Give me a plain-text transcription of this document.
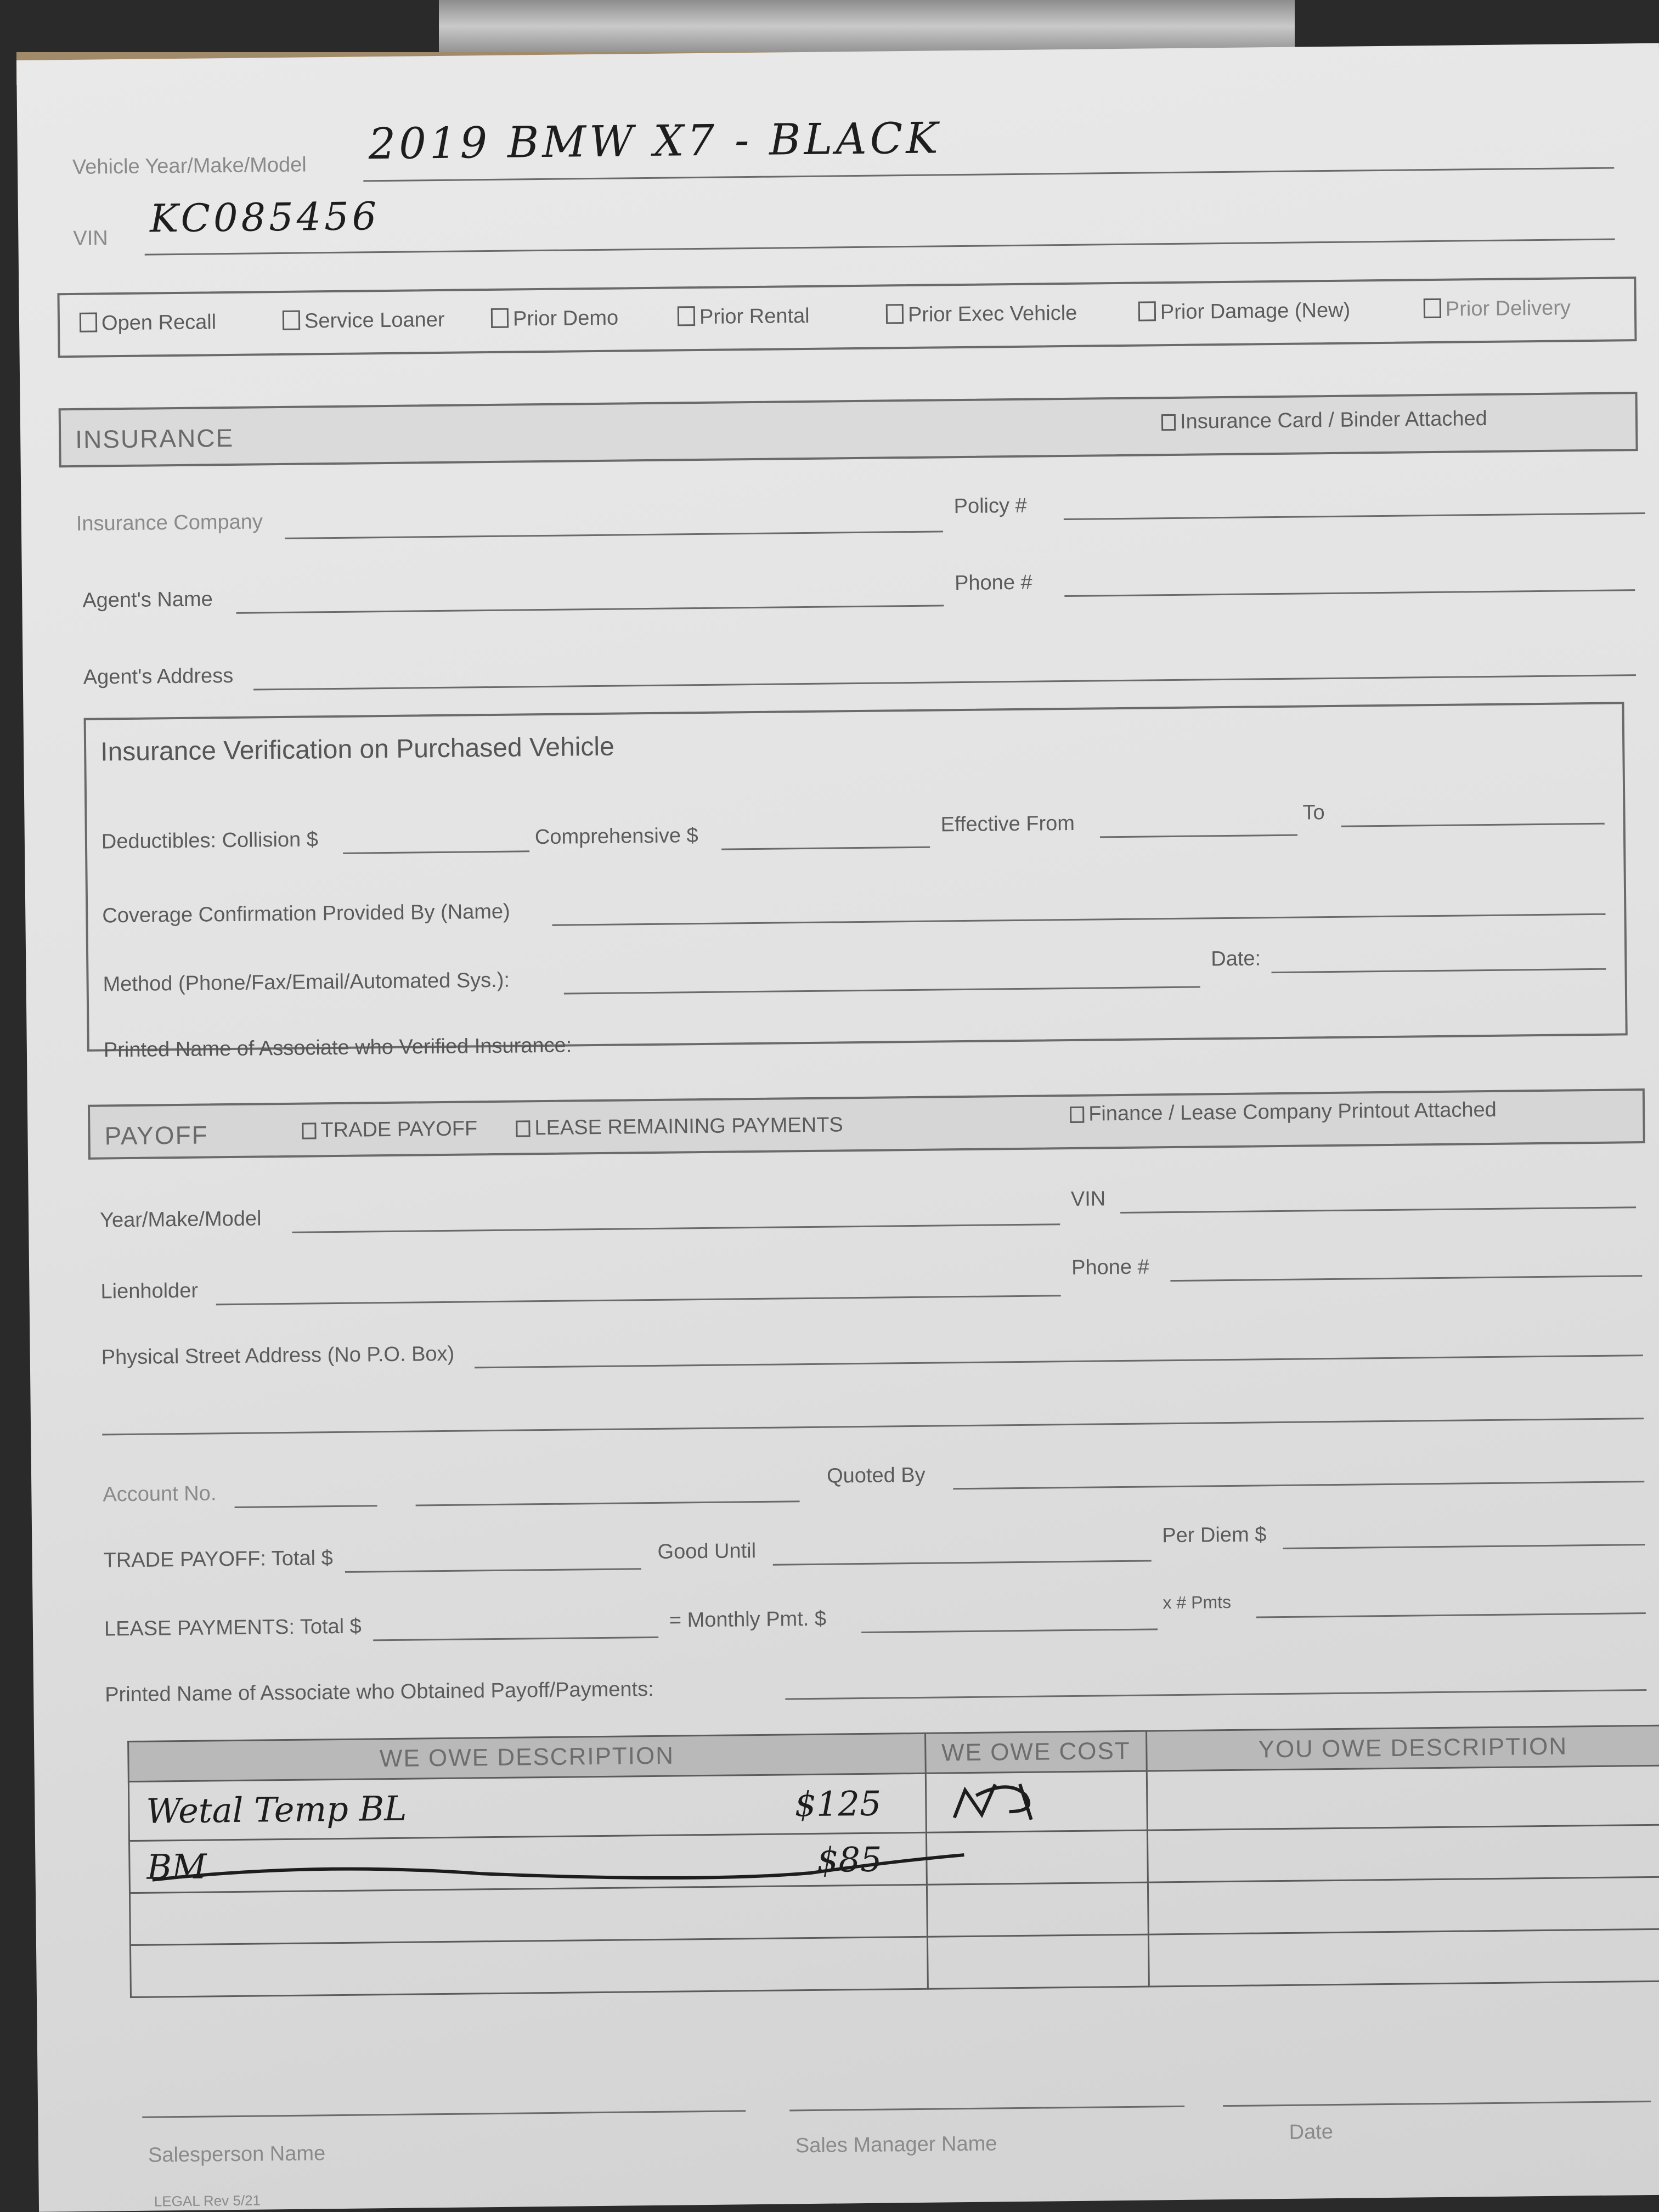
Vehicle Year/Make/Model 2019 BMW X7 - BLACK
VIN KC085456
Open Recall	Service Loaner	Prior Demo	Prior Rental	Prior Exec Vehicle	Prior Damage (New)	Prior Delivery
INSURANCE
Insurance Card / Binder Attached
Insurance Company
Policy #
Agent's Name
Phone #
Agent's Address
Insurance Verification on Purchased Vehicle
Deductibles: Collision $	Comprehensive $	Effective From	To
Coverage Confirmation Provided By (Name)
Method (Phone/Fax/Email/Automated Sys.):
Date:
Printed Name of Associate who Verified Insurance:
PAYOFF	TRADE PAYOFF	LEASE REMAINING PAYMENTS
Finance / Lease Company Printout Attached
Year/Make/Model
VIN
Lienholder
Phone #
Physical Street Address (No P.O. Box)
Account No.
Quoted By
TRADE PAYOFF: Total $	Good Until
Per Diem $
LEASE PAYMENTS: Total $	= Monthly Pmt. $
x # Pmts
Printed Name of Associate who Obtained Payoff/Payments:
WE OWE DESCRIPTION	WE OWE COST	YOU OWE DESCRIPTION
Wetal Temp BL $125

BM $85		

Salesperson Name	Sales Manager Name	Date
LEGAL Rev 5/21
